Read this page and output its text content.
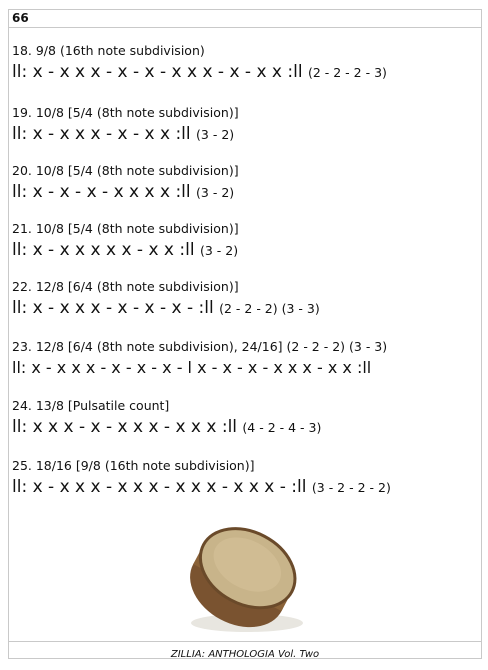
66
18. 9/8 (16th note subdivision)
ll: x - x x x - x - x - x x x - x - x x :ll (2 - 2 - 2 - 3)
19. 10/8 [5/4 (8th note subdivision)]
ll: x - x x x - x - x x :ll (3 - 2)
20. 10/8 [5/4 (8th note subdivision)]
ll: x - x - x - x x x x :ll (3 - 2)
21. 10/8 [5/4 (8th note subdivision)]
ll: x - x x x x x - x x :ll (3 - 2)
22. 12/8 [6/4 (8th note subdivision)]
ll: x - x x x - x - x - x - :ll (2 - 2 - 2) (3 - 3)
23. 12/8 [6/4 (8th note subdivision), 24/16] (2 - 2 - 2) (3 - 3)
ll: x - x x x - x - x - x - l x - x - x - x x x - x x :ll
24. 13/8 [Pulsatile count]
ll: x x x - x - x x x - x x x :ll (4 - 2 - 4 - 3)
25. 18/16 [9/8 (16th note subdivision)]
ll: x - x x x - x x x - x x x - x x x - :ll (3 - 2 - 2 - 2)
ZILLIA: ANTHOLOGIA Vol. Two
